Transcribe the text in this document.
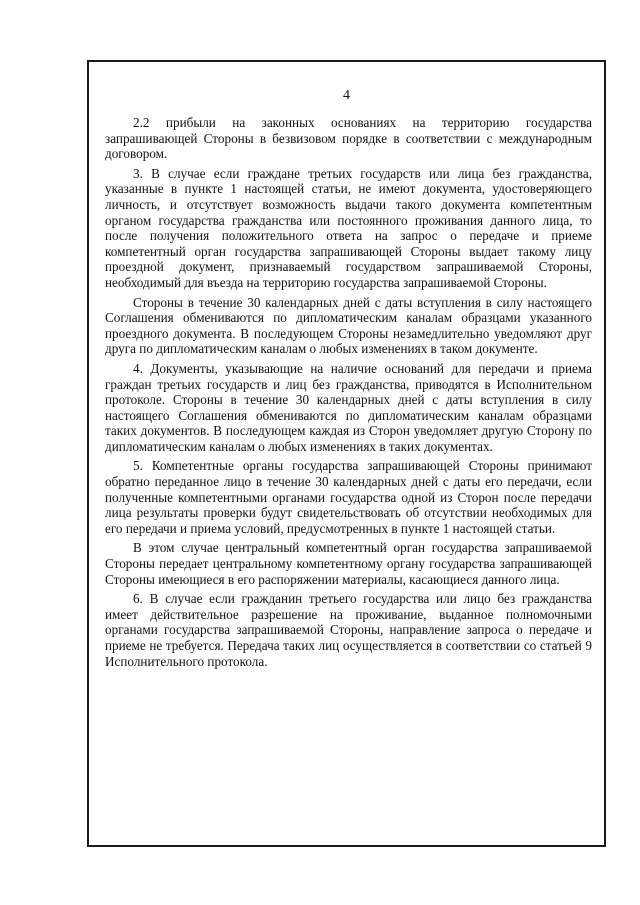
4

2.2 прибыли на законных основаниях на территорию государства запрашивающей Стороны в безвизовом порядке в соответствии с международным договором.

3. В случае если граждане третьих государств или лица без гражданства, указанные в пункте 1 настоящей статьи, не имеют документа, удостоверяющего личность, и отсутствует возможность выдачи такого документа компетентным органом государства гражданства или постоянного проживания данного лица, то после получения положительного ответа на запрос о передаче и приеме компетентный орган государства запрашивающей Стороны выдает такому лицу проездной документ, признаваемый государством запрашиваемой Стороны, необходимый для въезда на территорию государства запрашиваемой Стороны.

Стороны в течение 30 календарных дней с даты вступления в силу настоящего Соглашения обмениваются по дипломатическим каналам образцами указанного проездного документа. В последующем Стороны незамедлительно уведомляют друг друга по дипломатическим каналам о любых изменениях в таком документе.

4. Документы, указывающие на наличие оснований для передачи и приема граждан третьих государств и лиц без гражданства, приводятся в Исполнительном протоколе. Стороны в течение 30 календарных дней с даты вступления в силу настоящего Соглашения обмениваются по дипломатическим каналам образцами таких документов. В последующем каждая из Сторон уведомляет другую Сторону по дипломатическим каналам о любых изменениях в таких документах.

5. Компетентные органы государства запрашивающей Стороны принимают обратно переданное лицо в течение 30 календарных дней с даты его передачи, если полученные компетентными органами государства одной из Сторон после передачи лица результаты проверки будут свидетельствовать об отсутствии необходимых для его передачи и приема условий, предусмотренных в пункте 1 настоящей статьи.

В этом случае центральный компетентный орган государства запрашиваемой Стороны передает центральному компетентному органу государства запрашивающей Стороны имеющиеся в его распоряжении материалы, касающиеся данного лица.

6. В случае если гражданин третьего государства или лицо без гражданства имеет действительное разрешение на проживание, выданное полномочными органами государства запрашиваемой Стороны, направление запроса о передаче и приеме не требуется. Передача таких лиц осуществляется в соответствии со статьей 9 Исполнительного протокола.
